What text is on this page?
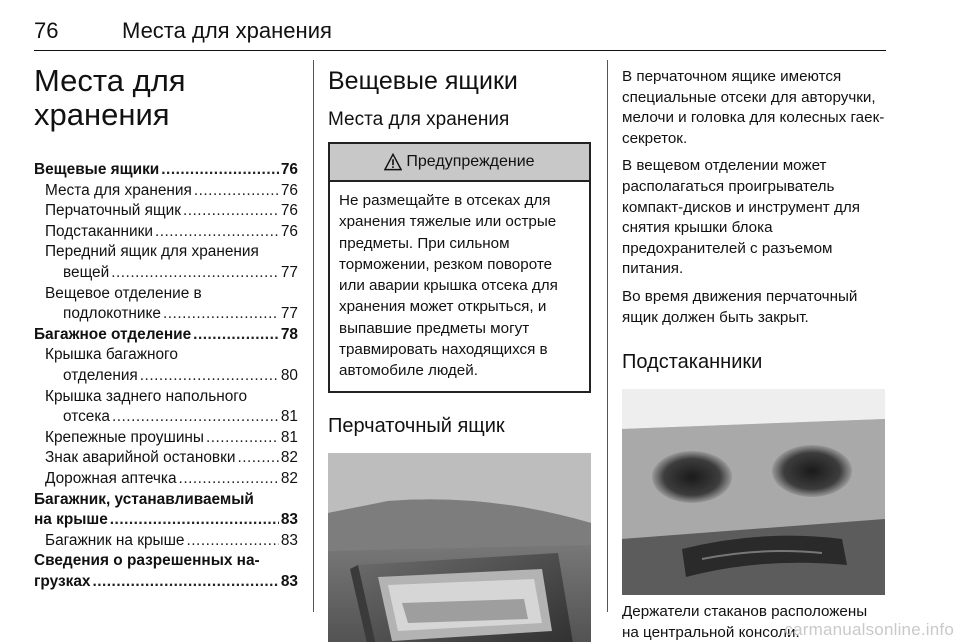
76	Места для хранения
Места для хранения
Вещевые ящики .....	76
Места для хранения .....	76
Перчаточный ящик .....	76
Подстаканники .....	76
Передний ящик для хранения
вещей .....	77
Вещевое отделение в
подлокотнике .....	77
Багажное отделение .....	78
Крышка багажного
отделения .....	80
Крышка заднего напольного
отсека .....	81
Крепежные проушины .....	81
Знак аварийной остановки .....	82
Дорожная аптечка .....	82
Багажник, устанавливаемый
на крыше .....	83
Багажник на крыше .....	83
Сведения о разрешенных на-
грузках .....	83
Вещевые ящики
Места для хранения
Предупреждение
Не размещайте в отсеках для хранения тяжелые или острые предметы. При сильном торможении, резком повороте или аварии крышка отсека для хранения может открыться, и выпавшие предметы могут травмировать находящихся в автомобиле людей.
Перчаточный ящик

В перчаточном ящике имеются специальные отсеки для авторучки, мелочи и головка для колесных гаек-секреток.

В вещевом отделении может располагаться проигрыватель компакт-дисков и инструмент для снятия крышки блока предохранителей с разъемом питания.

Во время движения перчаточный ящик должен быть закрыт.

Подстаканники

Держатели стаканов расположены на центральной консоли.

carmanualsonline.info
